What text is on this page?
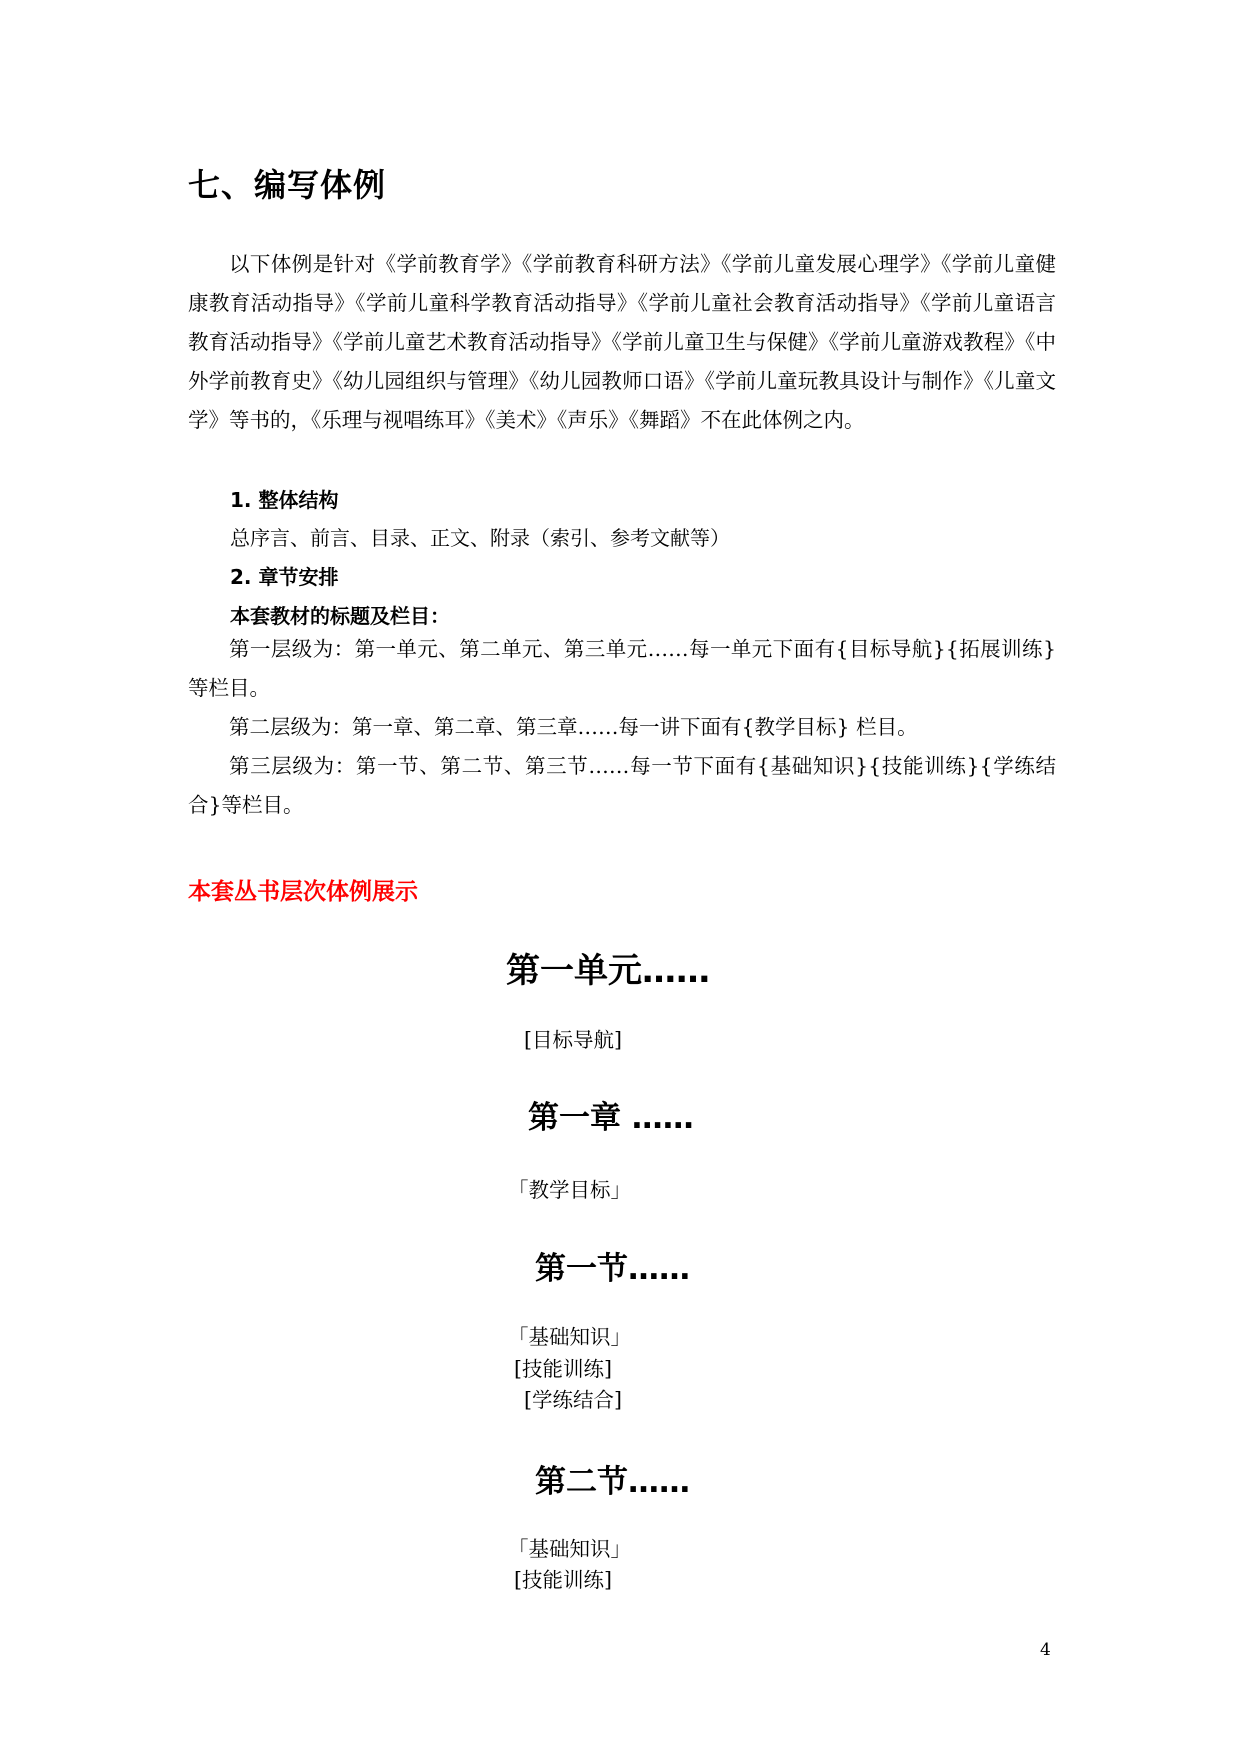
七、编写体例

以下体例是针对《学前教育学》《学前教育科研方法》《学前儿童发展心理学》《学前儿童健康教育活动指导》《学前儿童科学教育活动指导》《学前儿童社会教育活动指导》《学前儿童语言教育活动指导》《学前儿童艺术教育活动指导》《学前儿童卫生与保健》《学前儿童游戏教程》《中外学前教育史》《幼儿园组织与管理》《幼儿园教师口语》《学前儿童玩教具设计与制作》《儿童文学》等书的，《乐理与视唱练耳》《美术》《声乐》《舞蹈》不在此体例之内。

1. 整体结构

总序言、前言、目录、正文、附录（索引、参考文献等）

2. 章节安排

本套教材的标题及栏目：

第一层级为：第一单元、第二单元、第三单元……每一单元下面有{目标导航}{拓展训练}等栏目。

第二层级为：第一章、第二章、第三章……每一讲下面有{教学目标} 栏目。

第三层级为：第一节、第二节、第三节……每一节下面有{基础知识}{技能训练}{学练结合}等栏目。

本套丛书层次体例展示

第一单元……

[目标导航]

第一章 ……

「教学目标」

第一节……

「基础知识」

[技能训练]

[学练结合]

第二节……

「基础知识」

[技能训练]

4
